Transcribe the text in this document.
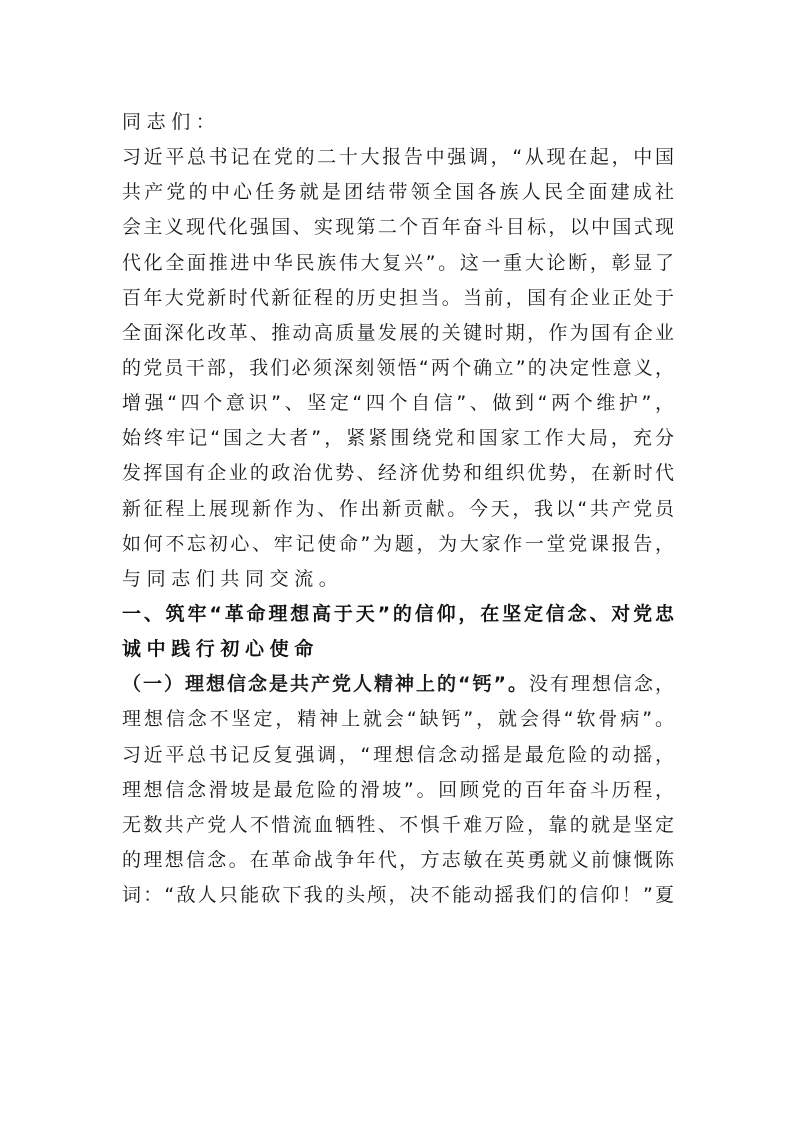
同志们：
习近平总书记在党的二十大报告中强调，“从现在起，中国
共产党的中心任务就是团结带领全国各族人民全面建成社
会主义现代化强国、实现第二个百年奋斗目标，以中国式现
代化全面推进中华民族伟大复兴”。这一重大论断，彰显了
百年大党新时代新征程的历史担当。当前，国有企业正处于
全面深化改革、推动高质量发展的关键时期，作为国有企业
的党员干部，我们必须深刻领悟“两个确立”的决定性意义，
增强“四个意识”、坚定“四个自信”、做到“两个维护”，
始终牢记“国之大者”，紧紧围绕党和国家工作大局，充分
发挥国有企业的政治优势、经济优势和组织优势，在新时代
新征程上展现新作为、作出新贡献。今天，我以“共产党员
如何不忘初心、牢记使命”为题，为大家作一堂党课报告，
与同志们共同交流。
一、筑牢“革命理想高于天”的信仰，在坚定信念、对党忠
诚中践行初心使命
（一）理想信念是共产党人精神上的“钙”。没有理想信念，
理想信念不坚定，精神上就会“缺钙”，就会得“软骨病”。
习近平总书记反复强调，“理想信念动摇是最危险的动摇，
理想信念滑坡是最危险的滑坡”。回顾党的百年奋斗历程，
无数共产党人不惜流血牺牲、不惧千难万险，靠的就是坚定
的理想信念。在革命战争年代，方志敏在英勇就义前慷慨陈
词：“敌人只能砍下我的头颅，决不能动摇我们的信仰！”夏
